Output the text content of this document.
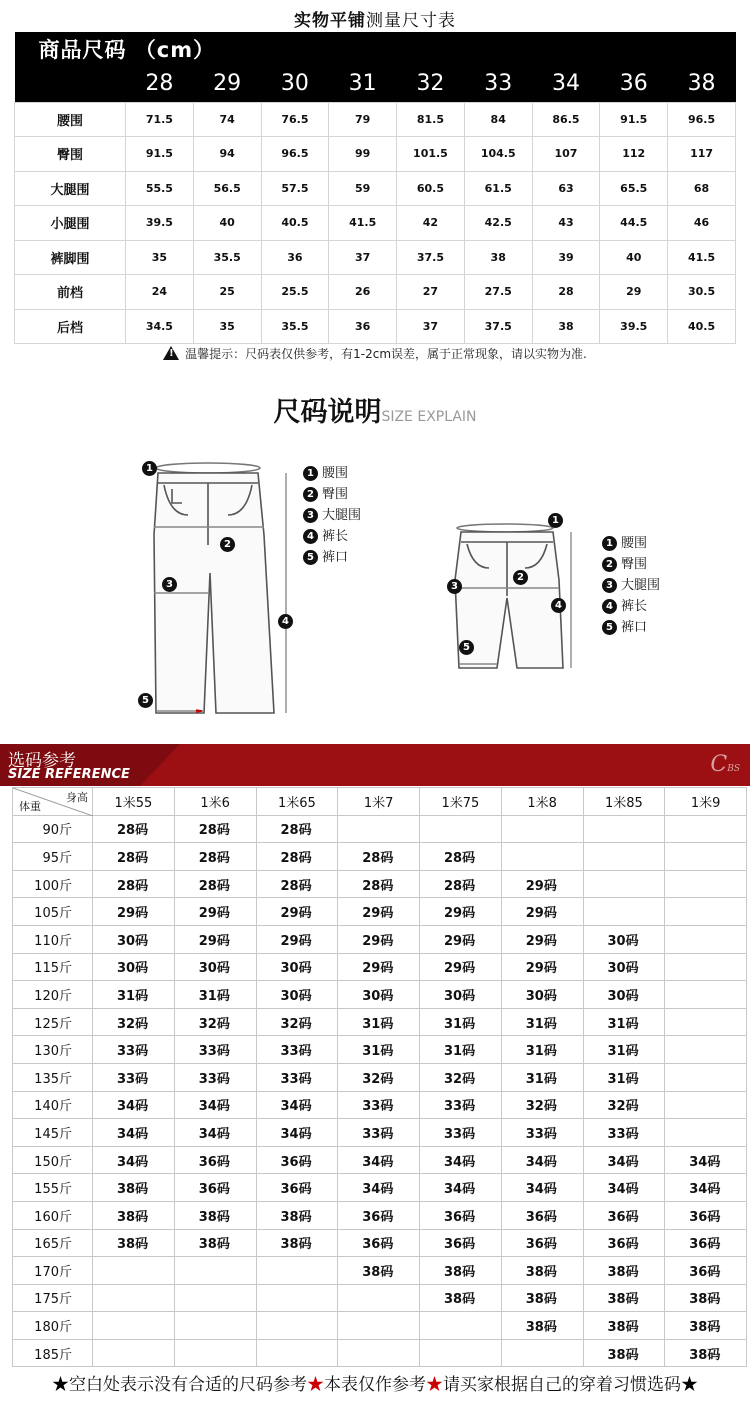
实物平铺测量尺寸表
商品尺码 （cm）									
	28	29	30	31	32	33	34	36	38
腰围	71.5	74	76.5	79	81.5	84	86.5	91.5	96.5
臀围	91.5	94	96.5	99	101.5	104.5	107	112	117
大腿围	55.5	56.5	57.5	59	60.5	61.5	63	65.5	68
小腿围	39.5	40	40.5	41.5	42	42.5	43	44.5	46
裤脚围	35	35.5	36	37	37.5	38	39	40	41.5
前档	24	25	25.5	26	27	27.5	28	29	30.5
后档	34.5	35	35.5	36	37	37.5	38	39.5	40.5
!温馨提示：尺码表仅供参考，有1-2cm误差，属于正常现象，请以实物为准.
尺码说明SIZE EXPLAIN
1
2
3
4
5
1 腰围
2 臀围
3 大腿围
4 裤长
5 裤口
1
2
3
4
5
1 腰围
2 臀围
3 大腿围
4 裤长
5 裤口
选码参考
SIZE REFERENCE	CBS
身高
体重	1米55	1米6	1米65	1米7	1米75	1米8	1米85	1米9
90斤	28码	28码	28码					
95斤	28码	28码	28码	28码	28码			
100斤	28码	28码	28码	28码	28码	29码		
105斤	29码	29码	29码	29码	29码	29码		
110斤	30码	29码	29码	29码	29码	29码	30码	
115斤	30码	30码	30码	29码	29码	29码	30码	
120斤	31码	31码	30码	30码	30码	30码	30码	
125斤	32码	32码	32码	31码	31码	31码	31码	
130斤	33码	33码	33码	31码	31码	31码	31码	
135斤	33码	33码	33码	32码	32码	31码	31码	
140斤	34码	34码	34码	33码	33码	32码	32码	
145斤	34码	34码	34码	33码	33码	33码	33码	
150斤	34码	36码	36码	34码	34码	34码	34码	34码
155斤	38码	36码	36码	34码	34码	34码	34码	34码
160斤	38码	38码	38码	36码	36码	36码	36码	36码
165斤	38码	38码	38码	36码	36码	36码	36码	36码
170斤				38码	38码	38码	38码	36码
175斤					38码	38码	38码	38码
180斤						38码	38码	38码
185斤							38码	38码
★空白处表示没有合适的尺码参考★本表仅作参考★请买家根据自己的穿着习惯选码★
